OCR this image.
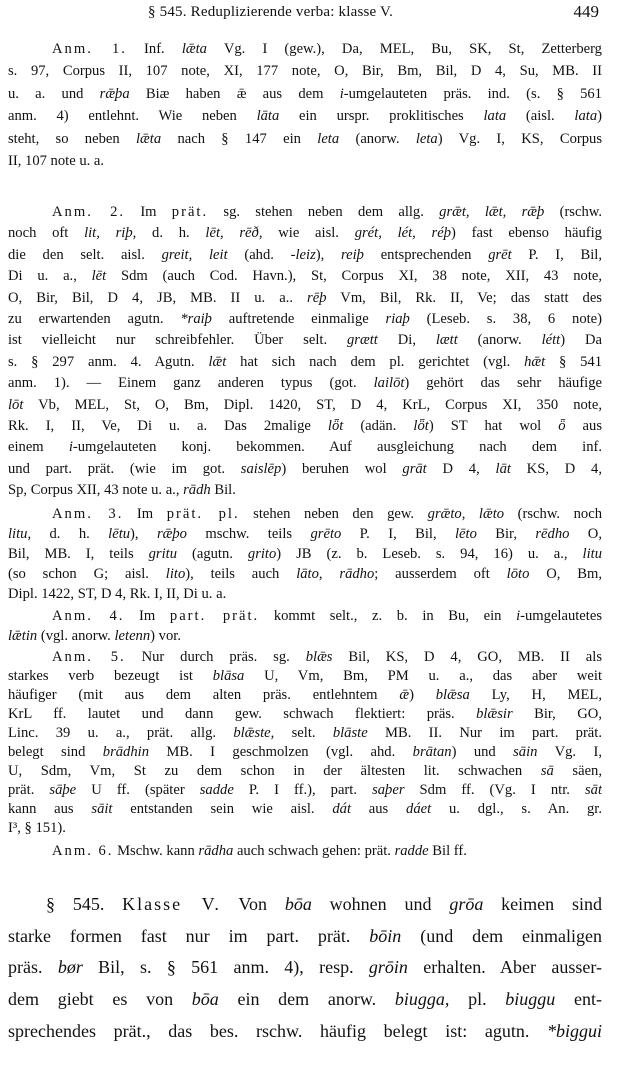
§ 545. Reduplizierende verba: klasse V.	449
Anm. 1. Inf. lǣta Vg. I (gew.), Da, MEL, Bu, SK, St, Zetterberg
s. 97, Corpus II, 107 note, XI, 177 note, O, Bir, Bm, Bil, D 4, Su, MB. II
u. a. und rǣþa Biæ haben ǣ aus dem i-umgelauteten präs. ind. (s. § 561
anm. 4) entlehnt. Wie neben lāta ein urspr. proklitisches lata (aisl. lata)
steht, so neben lǣta nach § 147 ein leta (anorw. leta) Vg. I, KS, Corpus
II, 107 note u. a.
Anm. 2. Im prät. sg. stehen neben dem allg. grǣt, lǣt, rǣþ (rschw.
noch oft lit, riþ, d. h. lēt, rēð, wie aisl. grét, lét, réþ) fast ebenso häufig
die den selt. aisl. greit, leit (ahd. -leiz), reiþ entsprechenden grēt P. I, Bil,
Di u. a., lēt Sdm (auch Cod. Havn.), St, Corpus XI, 38 note, XII, 43 note,
O, Bir, Bil, D 4, JB, MB. II u. a.. rēþ Vm, Bil, Rk. II, Ve; das statt des
zu erwartenden agutn. *raiþ auftretende einmalige riaþ (Leseb. s. 38, 6 note)
ist vielleicht nur schreibfehler. Über selt. grætt Di, lætt (anorw. létt) Da
s. § 297 anm. 4. Agutn. lǣt hat sich nach dem pl. gerichtet (vgl. hǣt § 541
anm. 1). — Einem ganz anderen typus (got. lailōt) gehört das sehr häufige
lōt Vb, MEL, St, O, Bm, Dipl. 1420, ST, D 4, KrL, Corpus XI, 350 note,
Rk. I, II, Ve, Di u. a. Das 2malige lȫt (adän. lȫt) ST hat wol ȫ aus
einem i-umgelauteten konj. bekommen. Auf ausgleichung nach dem inf.
und part. prät. (wie im got. saislēp) beruhen wol grāt D 4, lāt KS, D 4,
Sp, Corpus XII, 43 note u. a., rādh Bil.
Anm. 3. Im prät. pl. stehen neben den gew. grǣto, lǣto (rschw. noch
litu, d. h. lētu), rǣþo mschw. teils grēto P. I, Bil, lēto Bir, rēdho O,
Bil, MB. I, teils gritu (agutn. grito) JB (z. b. Leseb. s. 94, 16) u. a., litu
(so schon G; aisl. lito), teils auch lāto, rādho; ausserdem oft lōto O, Bm,
Dipl. 1422, ST, D 4, Rk. I, II, Di u. a.
Anm. 4. Im part. prät. kommt selt., z. b. in Bu, ein i-umgelautetes
lǣtin (vgl. anorw. letenn) vor.
Anm. 5. Nur durch präs. sg. blǣs Bil, KS, D 4, GO, MB. II als
starkes verb bezeugt ist blāsa U, Vm, Bm, PM u. a., das aber weit
häufiger (mit aus dem alten präs. entlehntem ǣ) blǣsa Ly, H, MEL,
KrL ff. lautet und dann gew. schwach flektiert: präs. blǣsir Bir, GO,
Linc. 39 u. a., prät. allg. blǣste, selt. blāste MB. II. Nur im part. prät.
belegt sind brādhin MB. I geschmolzen (vgl. ahd. brātan) und sāin Vg. I,
U, Sdm, Vm, St zu dem schon in der ältesten lit. schwachen sā säen,
prät. sāþe U ff. (später sadde P. I ff.), part. saþer Sdm ff. (Vg. I ntr. sāt
kann aus sāit entstanden sein wie aisl. dát aus dáet u. dgl., s. An. gr.
I³, § 151).
Anm. 6. Mschw. kann rādha auch schwach gehen: prät. radde Bil ff.
§ 545. Klasse V. Von bōa wohnen und grōa keimen sind
starke formen fast nur im part. prät. bōin (und dem einmaligen
präs. bør Bil, s. § 561 anm. 4), resp. grōin erhalten. Aber ausser-
dem giebt es von bōa ein dem anorw. biugga, pl. biuggu ent-
sprechendes prät., das bes. rschw. häufig belegt ist: agutn. *biggui
